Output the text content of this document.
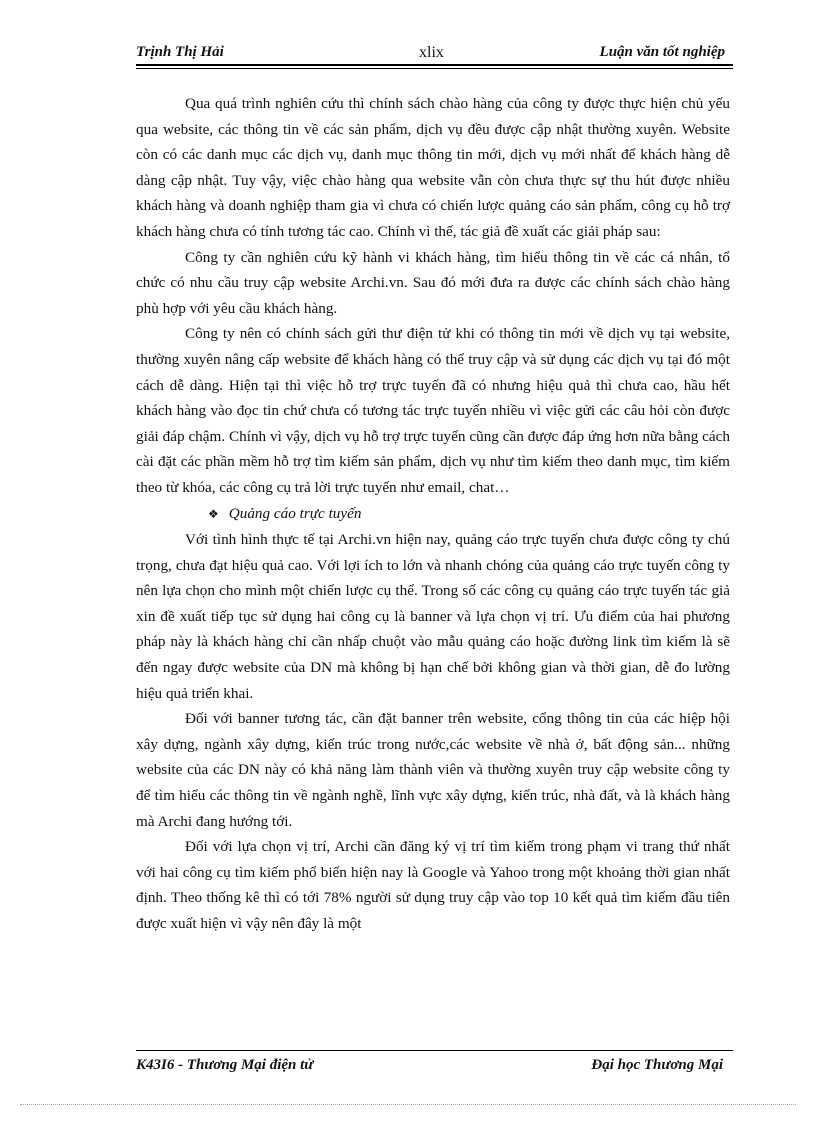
Trịnh Thị Hải	xlix	Luận văn tốt nghiệp

Qua quá trình nghiên cứu thì chính sách chào hàng của công ty được thực hiện chủ yếu qua website, các thông tin về các sản phẩm, dịch vụ đều được cập nhật thường xuyên. Website còn có các danh mục các dịch vụ, danh mục thông tin mới, dịch vụ mới nhất để khách hàng dễ dàng cập nhật. Tuy vậy, việc chào hàng qua website vẫn còn chưa thực sự thu hút được nhiều khách hàng và doanh nghiệp tham gia vì chưa có chiến lược quảng cáo sản phẩm, công cụ hỗ trợ khách hàng chưa có tính tương tác cao. Chính vì thế, tác giả đề xuất các giải pháp sau:

Công ty cần nghiên cứu kỹ hành vi khách hàng, tìm hiểu thông tin về các cá nhân, tổ chức có nhu cầu truy cập website Archi.vn. Sau đó mới đưa ra được các chính sách chào hàng phù hợp với yêu cầu khách hàng.

Công ty nên có chính sách gửi thư điện tử khi có thông tin mới về dịch vụ tại website, thường xuyên nâng cấp website để khách hàng có thể truy cập và sử dụng các dịch vụ tại đó một cách dễ dàng. Hiện tại thì việc hỗ trợ trực tuyến đã có nhưng hiệu quả thì chưa cao, hầu hết khách hàng vào đọc tin chứ chưa có tương tác trực tuyến nhiều vì việc gửi các câu hỏi còn được giải đáp chậm. Chính vì vậy, dịch vụ hỗ trợ trực tuyến cũng cần được đáp ứng hơn nữa bằng cách cài đặt các phần mềm hỗ trợ tìm kiếm sản phẩm, dịch vụ như tìm kiếm theo danh mục, tìm kiếm theo từ khóa, các công cụ trả lời trực tuyến như email, chat…

❖ Quảng cáo trực tuyến

Với tình hình thực tế tại Archi.vn hiện nay, quảng cáo trực tuyến chưa được công ty chú trọng, chưa đạt hiệu quả cao. Với lợi ích to lớn và nhanh chóng của quảng cáo trực tuyến công ty nên lựa chọn cho mình một chiến lược cụ thể. Trong số các công cụ quảng cáo trực tuyến tác giả xin đề xuất tiếp tục sử dụng hai công cụ là banner và lựa chọn vị trí. Ưu điểm của hai phương pháp này là khách hàng chỉ cần nhấp chuột vào mẫu quảng cáo hoặc đường link tìm kiếm là sẽ đến ngay được website của DN mà không bị hạn chế bởi không gian và thời gian, dễ đo lường hiệu quả triển khai.

Đối với banner tương tác, cần đặt banner trên website, cổng thông tin của các hiệp hội xây dựng, ngành xây dựng, kiến trúc trong nước,các website về nhà ở, bất động sản... những website của các DN này có khả năng làm thành viên và thường xuyên truy cập website công ty để tìm hiểu các thông tin về ngành nghề, lĩnh vực xây dựng, kiến trúc, nhà đất, và là khách hàng mà Archi đang hướng tới.

Đối với lựa chọn vị trí, Archi cần đăng ký vị trí tìm kiếm trong phạm vi trang thứ nhất với hai công cụ tìm kiếm phổ biến hiện nay là Google và Yahoo trong một khoảng thời gian nhất định. Theo thống kê thì có tới 78% người sử dụng truy cập vào top 10 kết quả tìm kiếm đầu tiên được xuất hiện vì vậy nên đây là một

K43I6 - Thương Mại điện tử	Đại học Thương Mại
